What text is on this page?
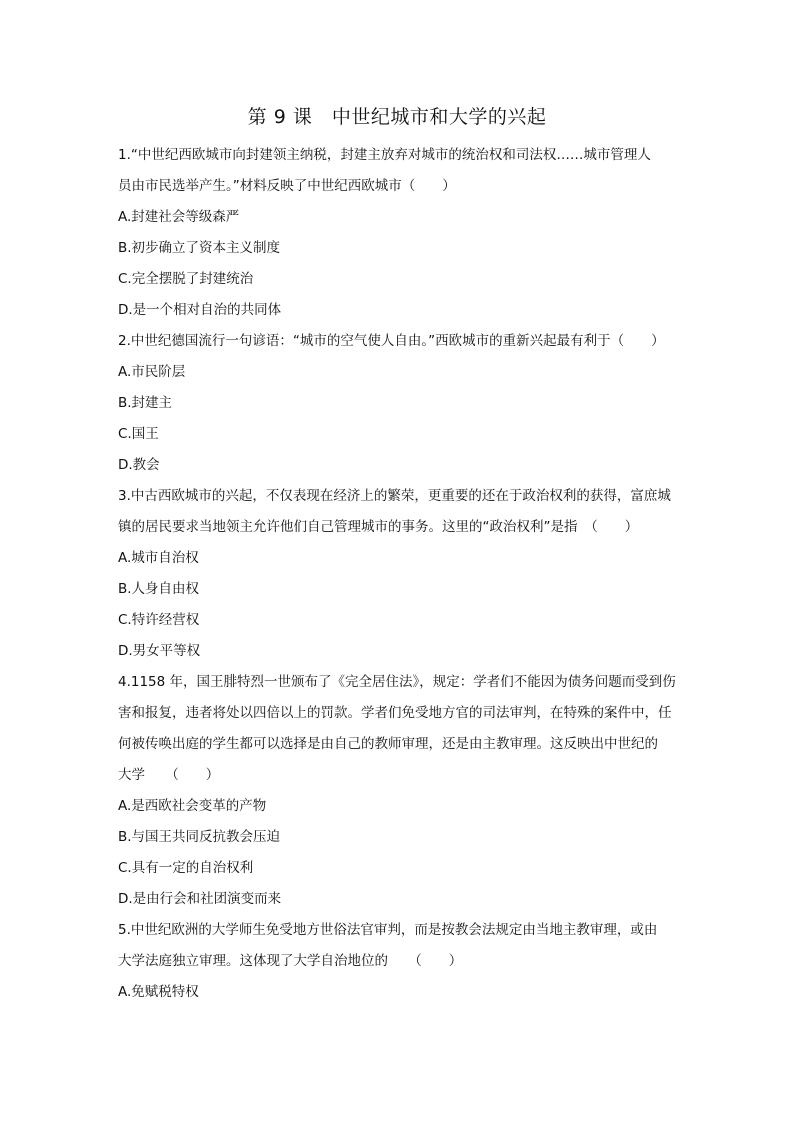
第 9 课　中世纪城市和大学的兴起
1.“中世纪西欧城市向封建领主纳税，封建主放弃对城市的统治权和司法权……城市管理人
员由市民选举产生。”材料反映了中世纪西欧城市（　　）
A.封建社会等级森严
B.初步确立了资本主义制度
C.完全摆脱了封建统治
D.是一个相对自治的共同体
2.中世纪德国流行一句谚语：“城市的空气使人自由。”西欧城市的重新兴起最有利于（　　）
A.市民阶层
B.封建主
C.国王
D.教会
3.中古西欧城市的兴起，不仅表现在经济上的繁荣，更重要的还在于政治权利的获得，富庶城
镇的居民要求当地领主允许他们自己管理城市的事务。这里的“政治权利”是指　（　　）
A.城市自治权
B.人身自由权
C.特许经营权
D.男女平等权
4.1158 年，国王腓特烈一世颁布了《完全居住法》，规定：学者们不能因为债务问题而受到伤
害和报复，违者将处以四倍以上的罚款。学者们免受地方官的司法审判，在特殊的案件中，任
何被传唤出庭的学生都可以选择是由自己的教师审理，还是由主教审理。这反映出中世纪的
大学　　（　　）
A.是西欧社会变革的产物
B.与国王共同反抗教会压迫
C.具有一定的自治权利
D.是由行会和社团演变而来
5.中世纪欧洲的大学师生免受地方世俗法官审判，而是按教会法规定由当地主教审理，或由
大学法庭独立审理。这体现了大学自治地位的　　（　　）
A.免赋税特权
